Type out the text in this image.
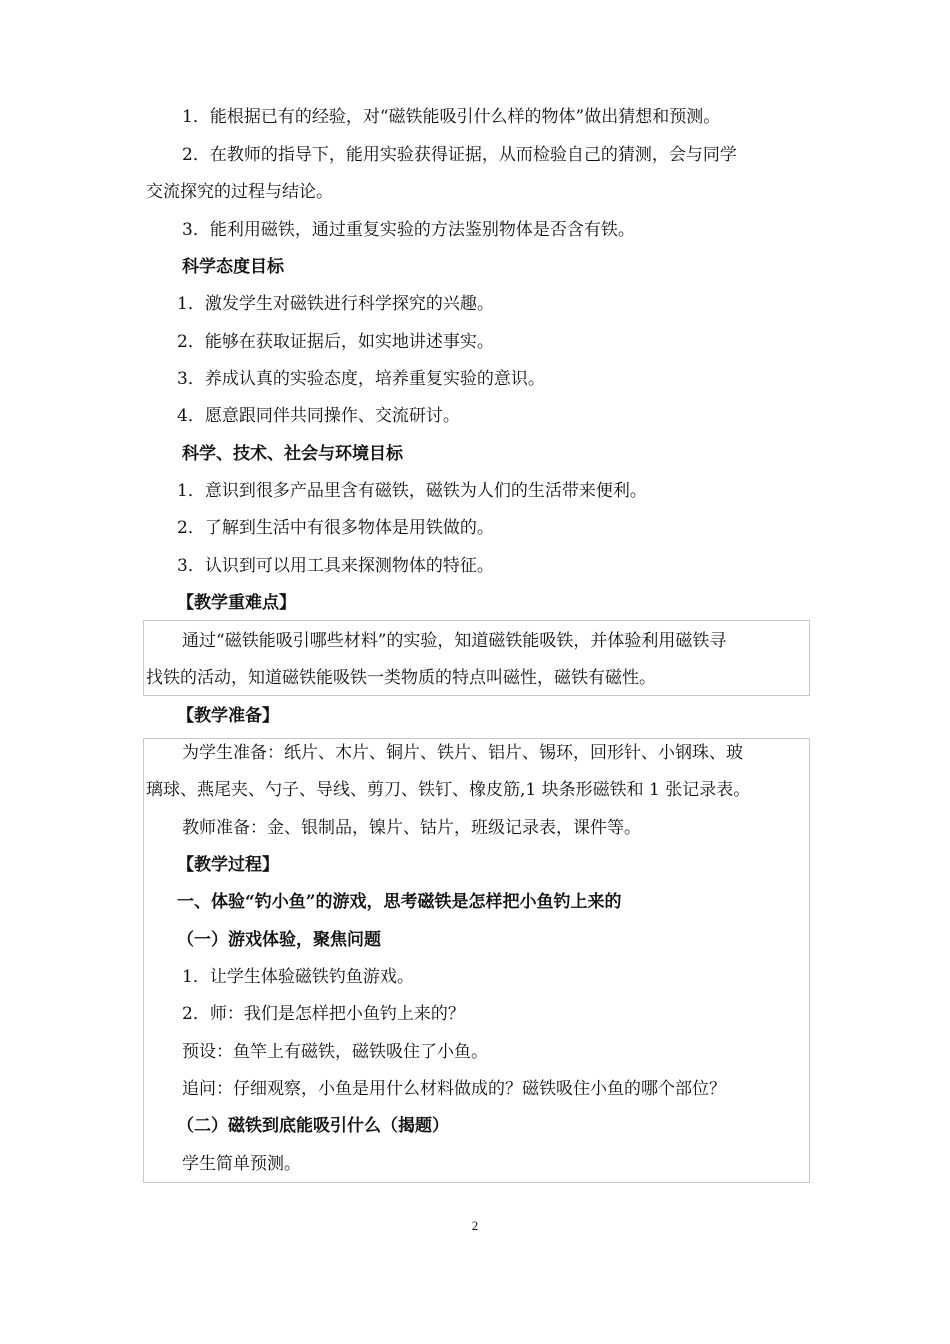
1．能根据已有的经验，对“磁铁能吸引什么样的物体”做出猜想和预测。
2．在教师的指导下，能用实验获得证据，从而检验自己的猜测，会与同学
交流探究的过程与结论。
3．能利用磁铁，通过重复实验的方法鉴别物体是否含有铁。
科学态度目标
1．激发学生对磁铁进行科学探究的兴趣。
2．能够在获取证据后，如实地讲述事实。
3．养成认真的实验态度，培养重复实验的意识。
4．愿意跟同伴共同操作、交流研讨。
科学、技术、社会与环境目标
1．意识到很多产品里含有磁铁，磁铁为人们的生活带来便利。
2．了解到生活中有很多物体是用铁做的。
3．认识到可以用工具来探测物体的特征。
【教学重难点】
通过“磁铁能吸引哪些材料”的实验，知道磁铁能吸铁，并体验利用磁铁寻
找铁的活动，知道磁铁能吸铁一类物质的特点叫磁性，磁铁有磁性。
【教学准备】
为学生准备：纸片、木片、铜片、铁片、铝片、锡环，回形针、小钢珠、玻
璃球、燕尾夹、勺子、导线、剪刀、铁钉、橡皮筋,1 块条形磁铁和 1 张记录表。
教师准备：金、银制品，镍片、钴片，班级记录表，课件等。
【教学过程】
一、体验“钓小鱼”的游戏，思考磁铁是怎样把小鱼钓上来的
（一）游戏体验，聚焦问题
1．让学生体验磁铁钓鱼游戏。
2．师：我们是怎样把小鱼钓上来的？
预设：鱼竿上有磁铁，磁铁吸住了小鱼。
追问：仔细观察，小鱼是用什么材料做成的？磁铁吸住小鱼的哪个部位？
（二）磁铁到底能吸引什么（揭题）
学生简单预测。
2
